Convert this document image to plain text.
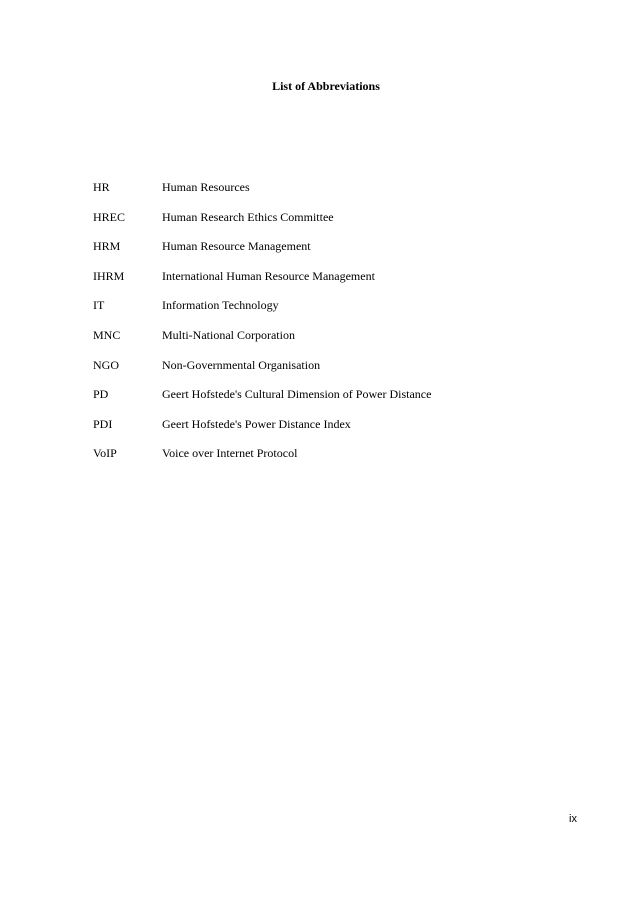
List of Abbreviations
HR	Human Resources
HREC	Human Research Ethics Committee
HRM	Human Resource Management
IHRM	International Human Resource Management
IT	Information Technology
MNC	Multi-National Corporation
NGO	Non-Governmental Organisation
PD	Geert Hofstede's Cultural Dimension of Power Distance
PDI	Geert Hofstede's Power Distance Index
VoIP	Voice over Internet Protocol
ix
